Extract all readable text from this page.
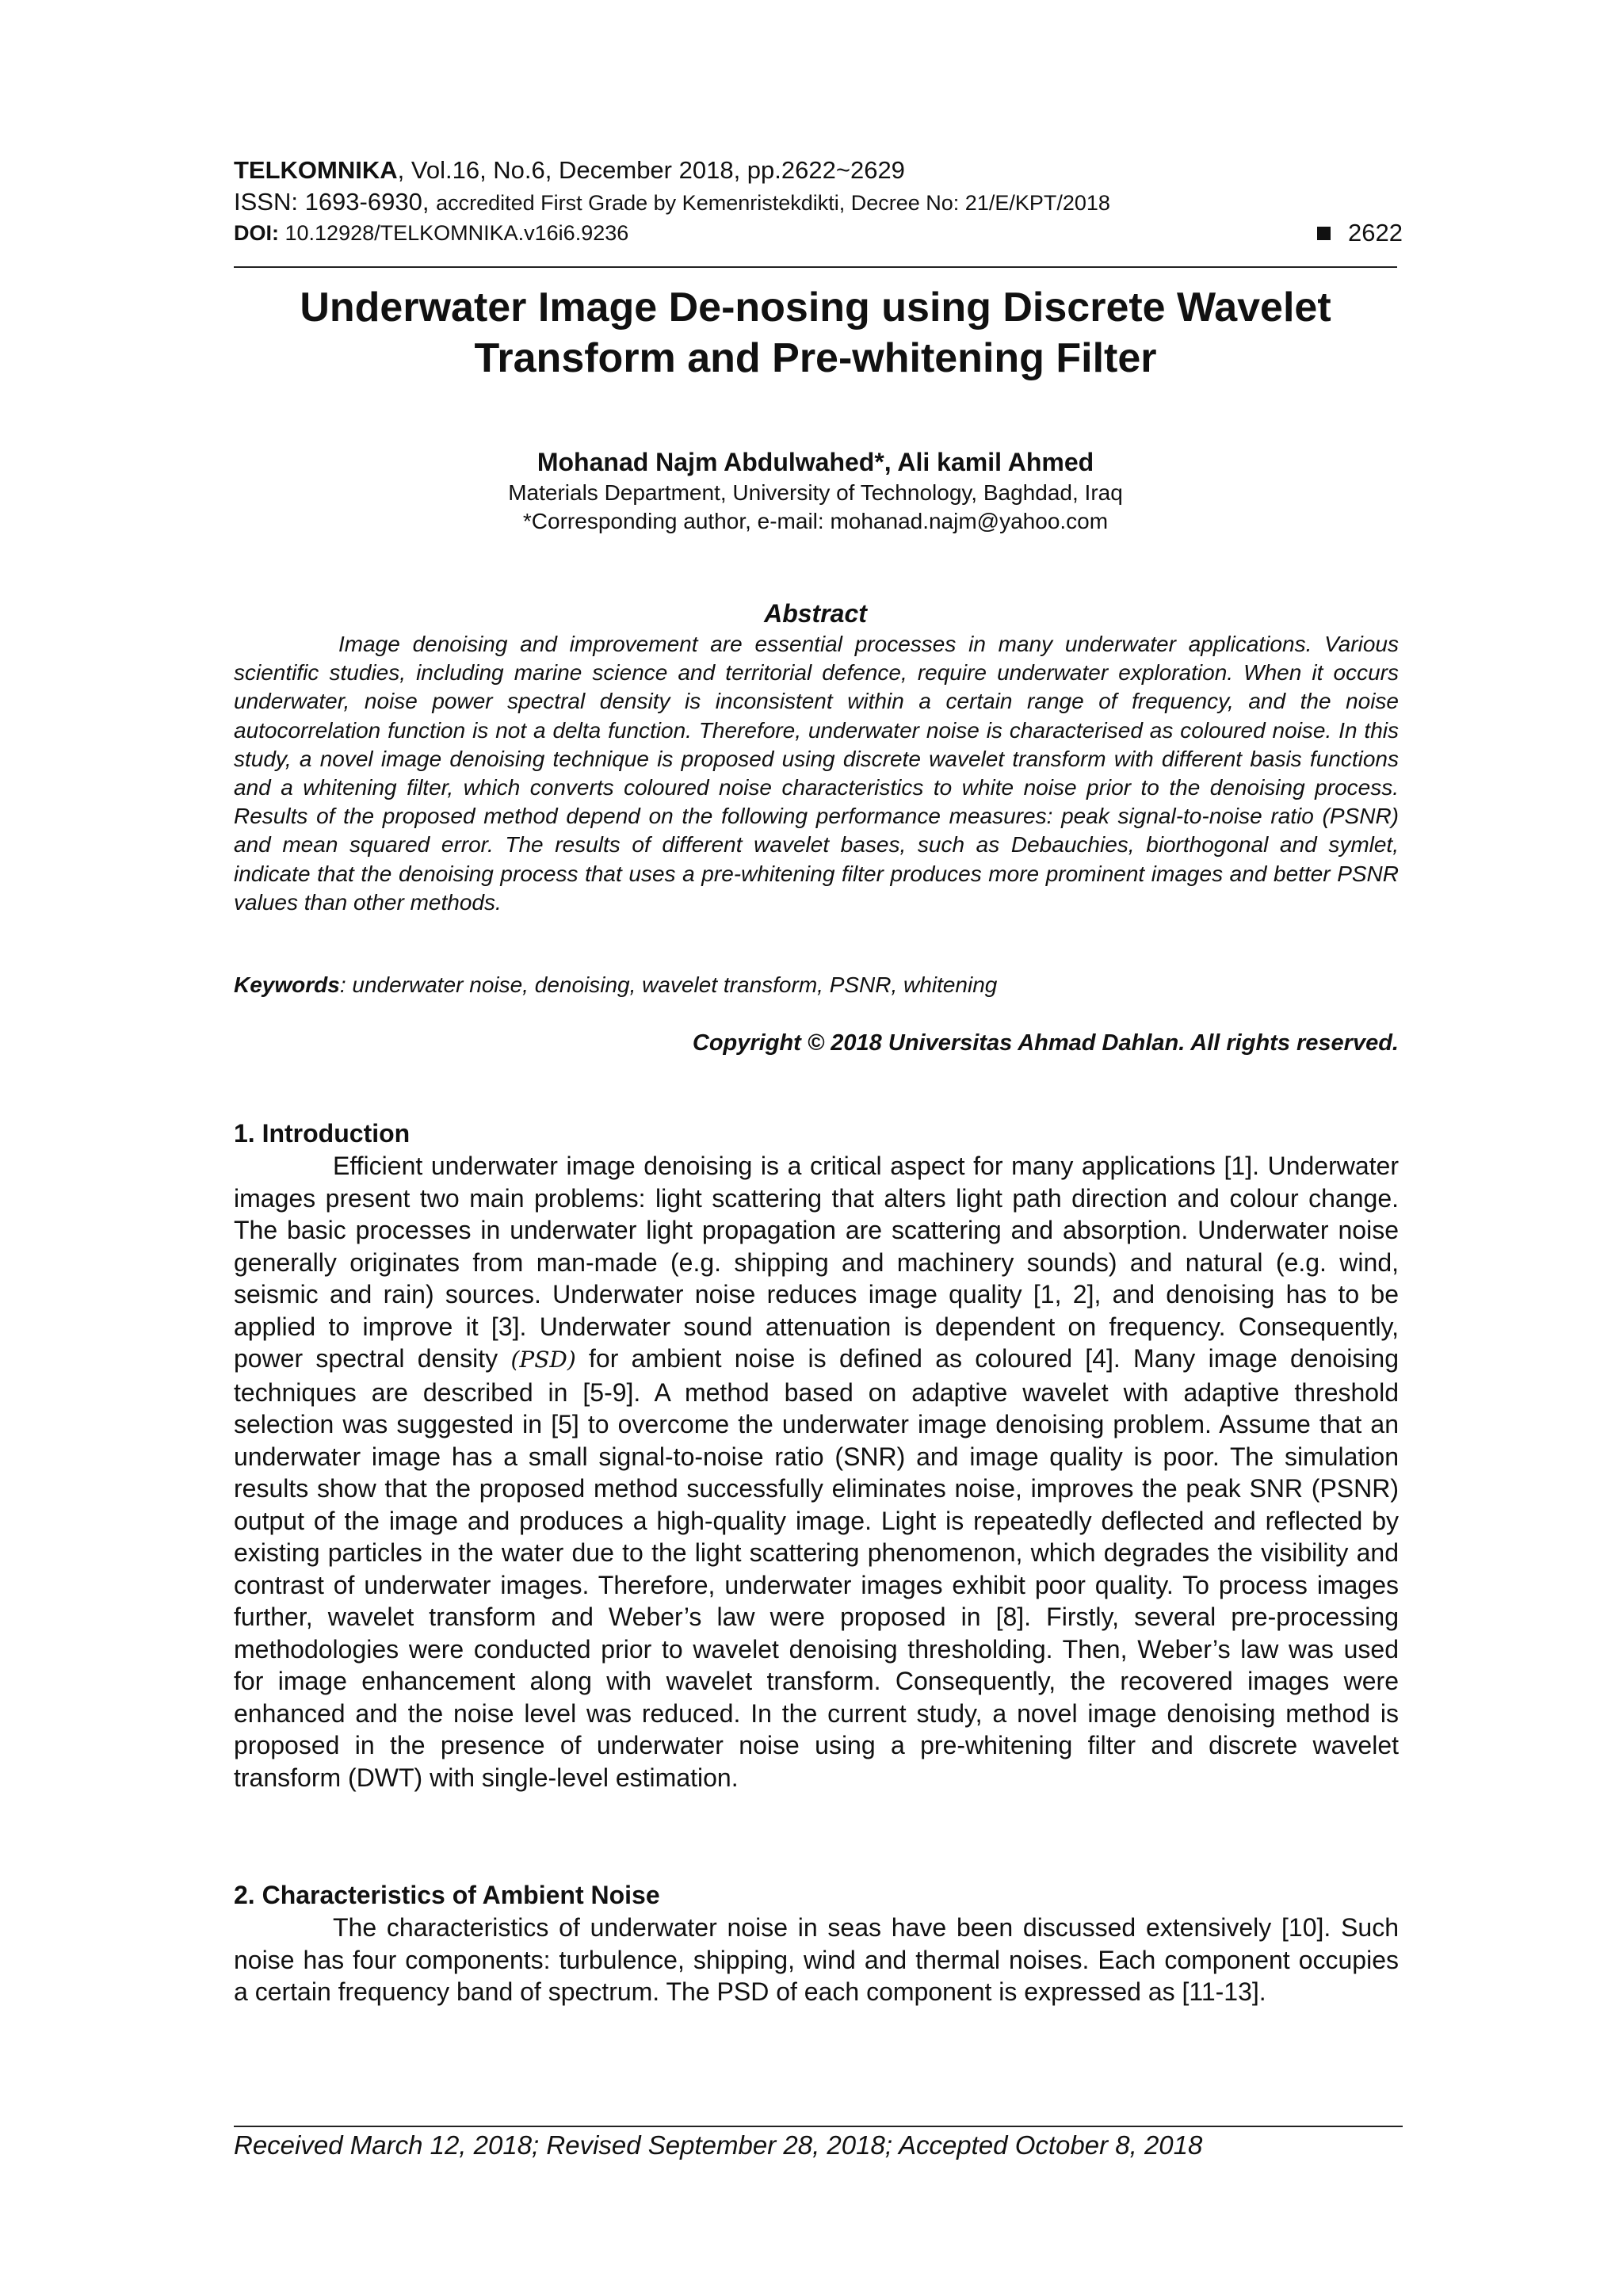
TELKOMNIKA, Vol.16, No.6, December 2018, pp.2622~2629
ISSN: 1693-6930, accredited First Grade by Kemenristekdikti, Decree No: 21/E/KPT/2018
DOI: 10.12928/TELKOMNIKA.v16i6.9236	2622
Underwater Image De-nosing using Discrete Wavelet
Transform and Pre-whitening Filter
Mohanad Najm Abdulwahed*, Ali kamil Ahmed
Materials Department, University of Technology, Baghdad, Iraq
*Corresponding author, e-mail: mohanad.najm@yahoo.com
Abstract
Image denoising and improvement are essential processes in many underwater applications. Various scientific studies, including marine science and territorial defence, require underwater exploration. When it occurs underwater, noise power spectral density is inconsistent within a certain range of frequency, and the noise autocorrelation function is not a delta function. Therefore, underwater noise is characterised as coloured noise. In this study, a novel image denoising technique is proposed using discrete wavelet transform with different basis functions and a whitening filter, which converts coloured noise characteristics to white noise prior to the denoising process. Results of the proposed method depend on the following performance measures: peak signal-to-noise ratio (PSNR) and mean squared error. The results of different wavelet bases, such as Debauchies, biorthogonal and symlet, indicate that the denoising process that uses a pre-whitening filter produces more prominent images and better PSNR values than other methods.
Keywords: underwater noise, denoising, wavelet transform, PSNR, whitening
Copyright © 2018 Universitas Ahmad Dahlan. All rights reserved.
1. Introduction
Efficient underwater image denoising is a critical aspect for many applications [1]. Underwater images present two main problems: light scattering that alters light path direction and colour change. The basic processes in underwater light propagation are scattering and absorption. Underwater noise generally originates from man-made (e.g. shipping and machinery sounds) and natural (e.g. wind, seismic and rain) sources. Underwater noise reduces image quality [1, 2], and denoising has to be applied to improve it [3]. Underwater sound attenuation is dependent on frequency. Consequently, power spectral density (PSD) for ambient noise is defined as coloured [4]. Many image denoising techniques are described in [5-9]. A method based on adaptive wavelet with adaptive threshold selection was suggested in [5] to overcome the underwater image denoising problem. Assume that an underwater image has a small signal-to-noise ratio (SNR) and image quality is poor. The simulation results show that the proposed method successfully eliminates noise, improves the peak SNR (PSNR) output of the image and produces a high-quality image. Light is repeatedly deflected and reflected by existing particles in the water due to the light scattering phenomenon, which degrades the visibility and contrast of underwater images. Therefore, underwater images exhibit poor quality. To process images further, wavelet transform and Weber’s law were proposed in [8]. Firstly, several pre-processing methodologies were conducted prior to wavelet denoising thresholding. Then, Weber’s law was used for image enhancement along with wavelet transform. Consequently, the recovered images were enhanced and the noise level was reduced. In the current study, a novel image denoising method is proposed in the presence of underwater noise using a pre-whitening filter and discrete wavelet transform (DWT) with single-level estimation.
2. Characteristics of Ambient Noise
The characteristics of underwater noise in seas have been discussed extensively [10]. Such noise has four components: turbulence, shipping, wind and thermal noises. Each component occupies a certain frequency band of spectrum. The PSD of each component is expressed as [11-13].
Received March 12, 2018; Revised September 28, 2018; Accepted October 8, 2018
